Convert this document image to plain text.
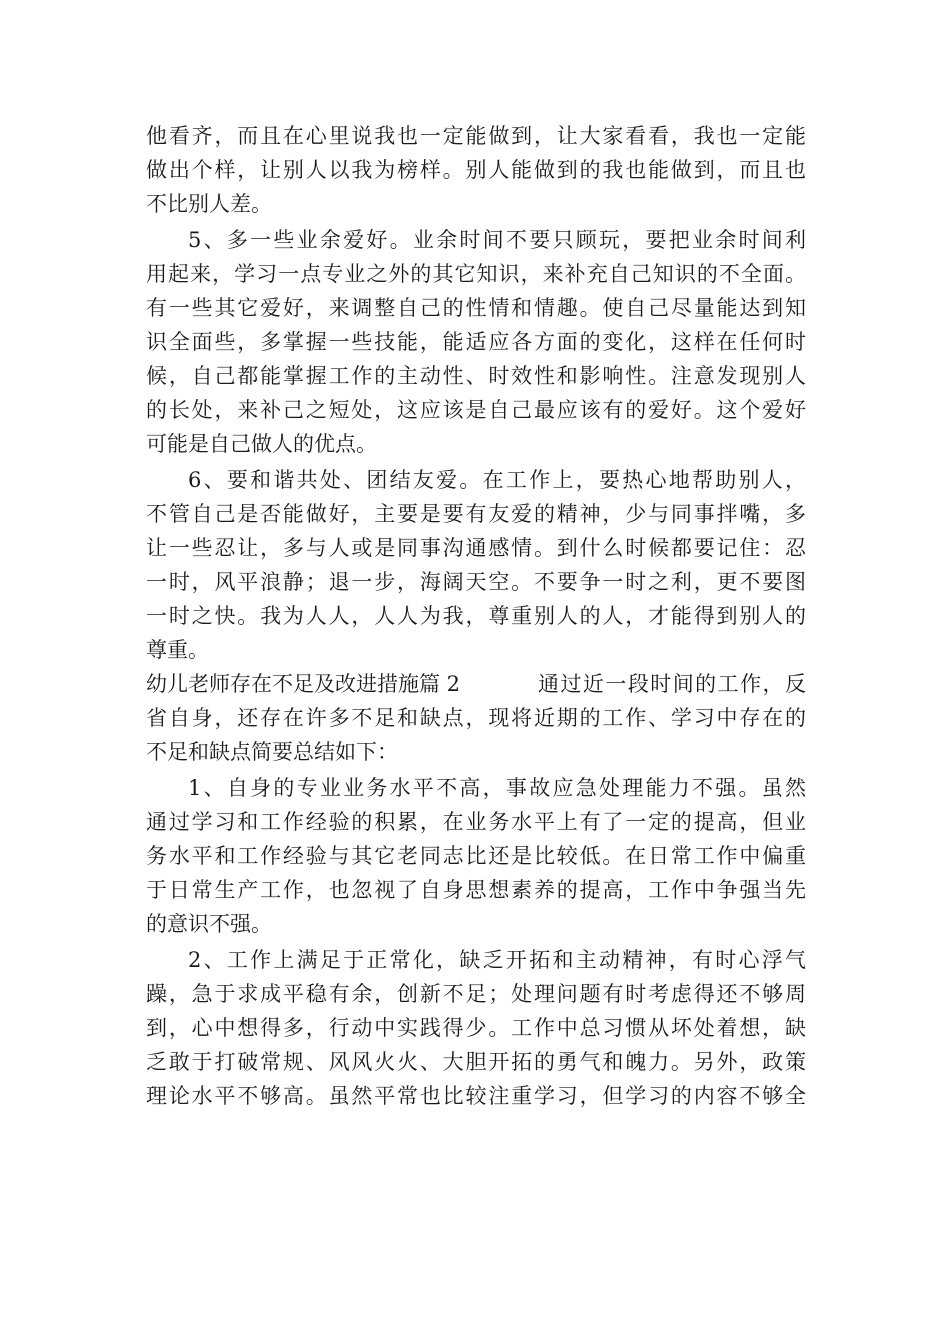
他看齐，而且在心里说我也一定能做到，让大家看看，我也一定能
做出个样，让别人以我为榜样。别人能做到的我也能做到，而且也
不比别人差。
5、多一些业余爱好。业余时间不要只顾玩，要把业余时间利
用起来，学习一点专业之外的其它知识，来补充自己知识的不全面。
有一些其它爱好，来调整自己的性情和情趣。使自己尽量能达到知
识全面些，多掌握一些技能，能适应各方面的变化，这样在任何时
候，自己都能掌握工作的主动性、时效性和影响性。注意发现别人
的长处，来补己之短处，这应该是自己最应该有的爱好。这个爱好
可能是自己做人的优点。
6、要和谐共处、团结友爱。在工作上，要热心地帮助别人，
不管自己是否能做好，主要是要有友爱的精神，少与同事拌嘴，多
让一些忍让，多与人或是同事沟通感情。到什么时候都要记住：忍
一时，风平浪静；退一步，海阔天空。不要争一时之利，更不要图
一时之快。我为人人，人人为我，尊重别人的人，才能得到别人的
尊重。
幼儿老师存在不足及改进措施篇 2	通过近一段时间的工作，反
省自身，还存在许多不足和缺点，现将近期的工作、学习中存在的
不足和缺点简要总结如下：
1、自身的专业业务水平不高，事故应急处理能力不强。虽然
通过学习和工作经验的积累，在业务水平上有了一定的提高，但业
务水平和工作经验与其它老同志比还是比较低。在日常工作中偏重
于日常生产工作，也忽视了自身思想素养的提高，工作中争强当先
的意识不强。
2、工作上满足于正常化，缺乏开拓和主动精神，有时心浮气
躁，急于求成平稳有余，创新不足；处理问题有时考虑得还不够周
到，心中想得多，行动中实践得少。工作中总习惯从坏处着想，缺
乏敢于打破常规、风风火火、大胆开拓的勇气和魄力。另外，政策
理论水平不够高。虽然平常也比较注重学习，但学习的内容不够全
